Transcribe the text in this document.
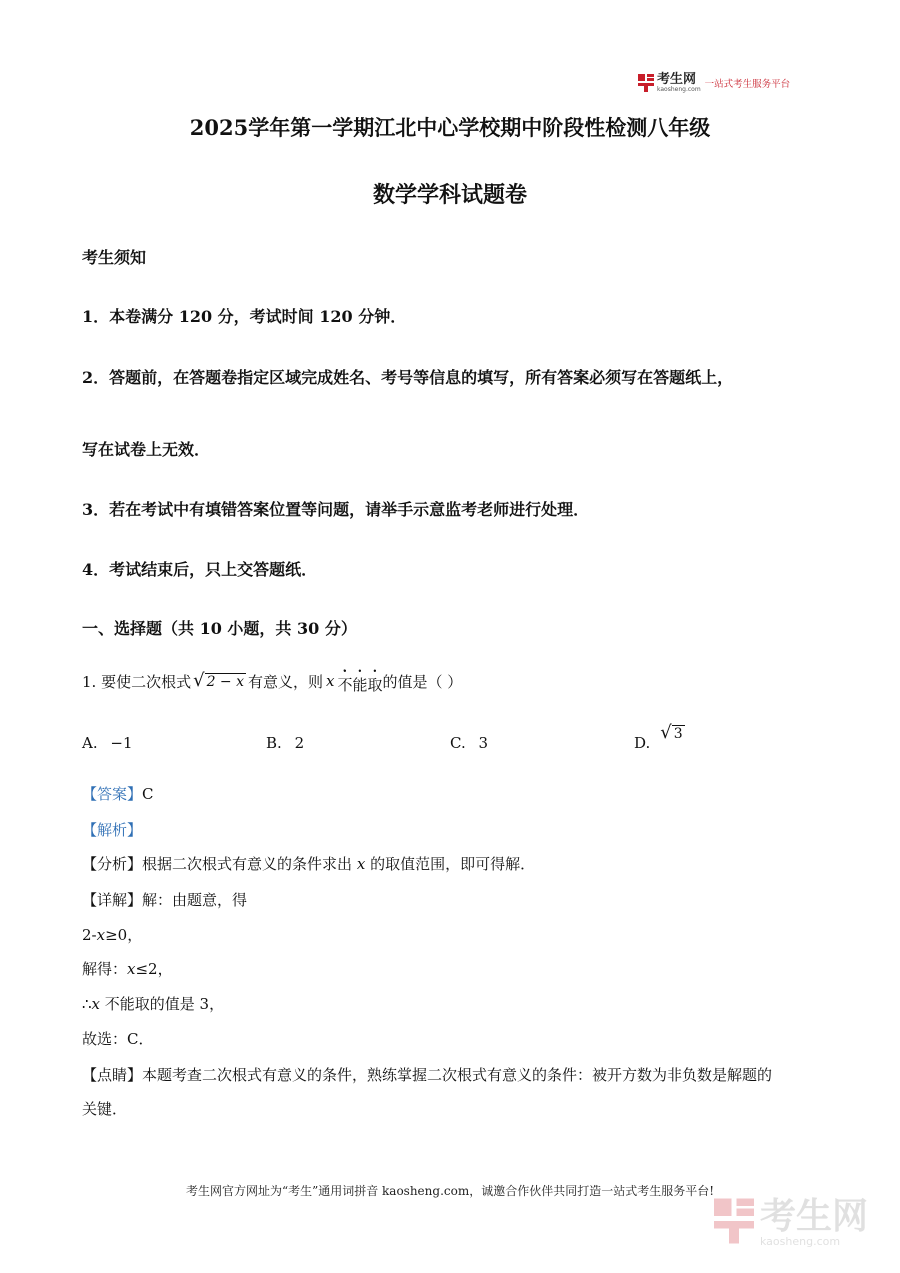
考生网
kaosheng.com 一站式考生服务平台
2025学年第一学期江北中心学校期中阶段性检测八年级
数学学科试题卷
考生须知
1．本卷满分 120 分，考试时间 120 分钟．
2．答题前，在答题卷指定区域完成姓名、考号等信息的填写，所有答案必须写在答题纸上，
写在试卷上无效．
3．若在考试中有填错答案位置等问题，请举手示意监考老师进行处理．
4．考试结束后，只上交答题纸．
一、选择题（共 10 小题，共 30 分）
1. 要使二次根式 √ 2 − x 有意义，则 x
. 不能取 的值是（ ）
A. −1	B. 2	C. 3	D. √ 3
【答案】C
【解析】
【分析】根据二次根式有意义的条件求出 x 的取值范围，即可得解．
【详解】解：由题意，得
2-x≥0，
解得：x≤2，
∴x 不能取的值是 3，
故选：C．
【点睛】本题考查二次根式有意义的条件，熟练掌握二次根式有意义的条件：被开方数为非负数是解题的
关键．
考生网官方网址为“考生”通用词拼音 kaosheng.com，诚邀合作伙伴共同打造一站式考生服务平台!
考生网
kaosheng.com
